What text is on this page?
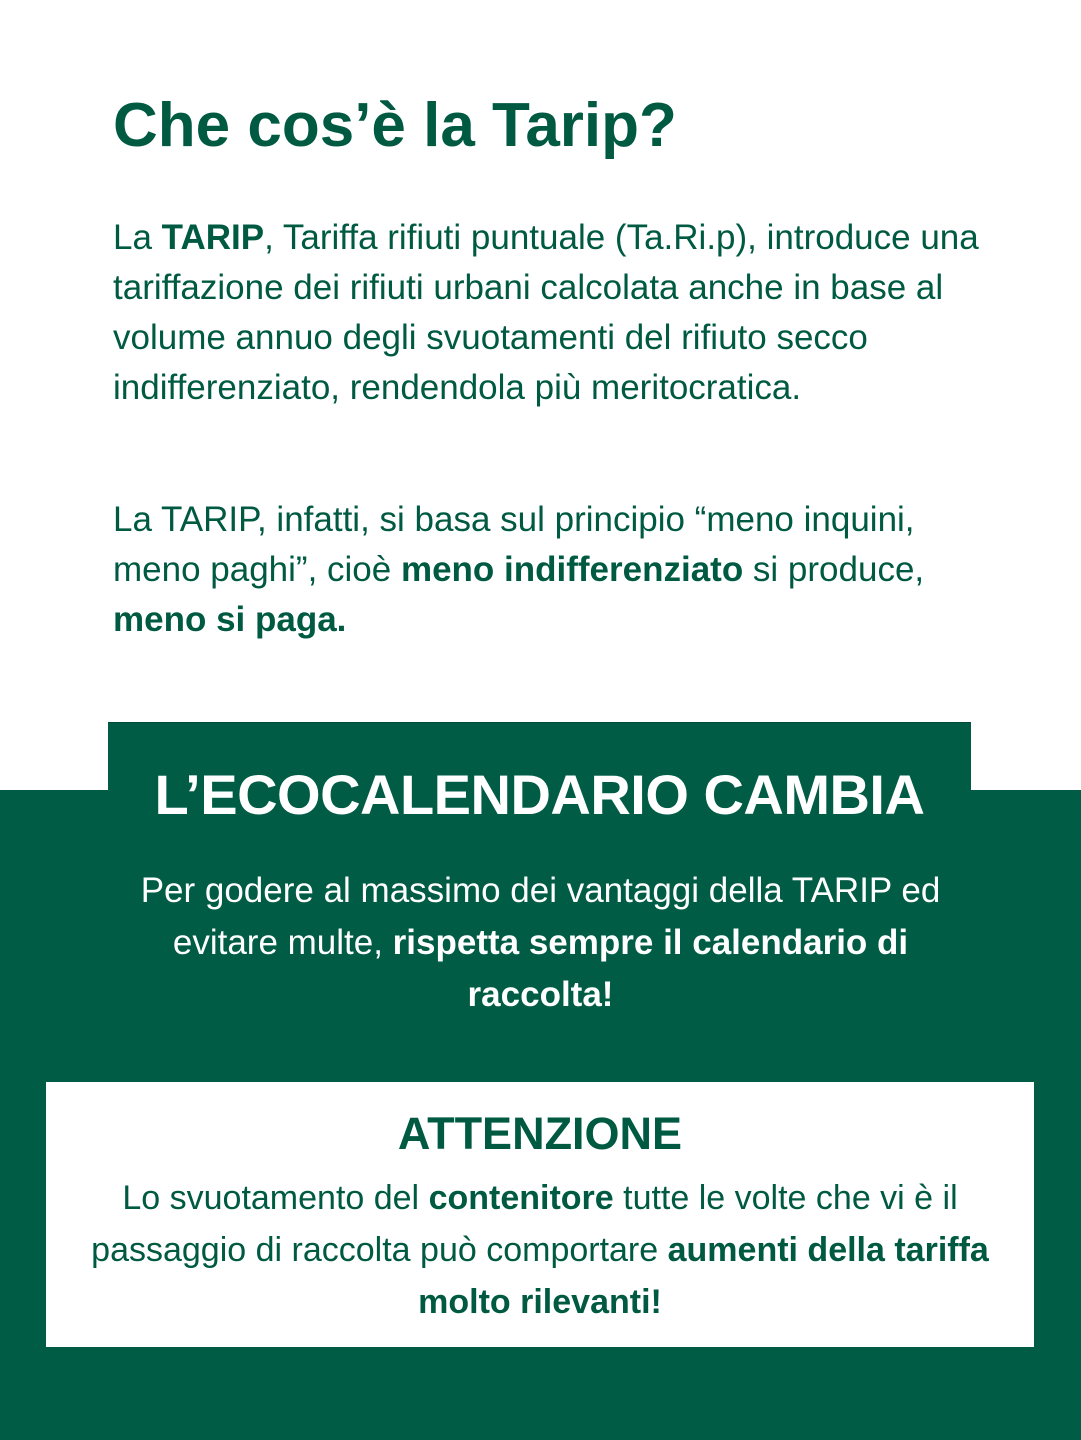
Che cos’è la Tarip?

La TARIP, Tariffa rifiuti puntuale (Ta.Ri.p), introduce una tariffazione dei rifiuti urbani calcolata anche in base al volume annuo degli svuotamenti del rifiuto secco indifferenziato, rendendola più meritocratica.

La TARIP, infatti, si basa sul principio “meno inquini, meno paghi”, cioè meno indifferenziato si produce, meno si paga.

L’ECOCALENDARIO CAMBIA

Per godere al massimo dei vantaggi della TARIP ed evitare multe, rispetta sempre il calendario di raccolta!

ATTENZIONE

Lo svuotamento del contenitore tutte le volte che vi è il passaggio di raccolta può comportare aumenti della tariffa molto rilevanti!
